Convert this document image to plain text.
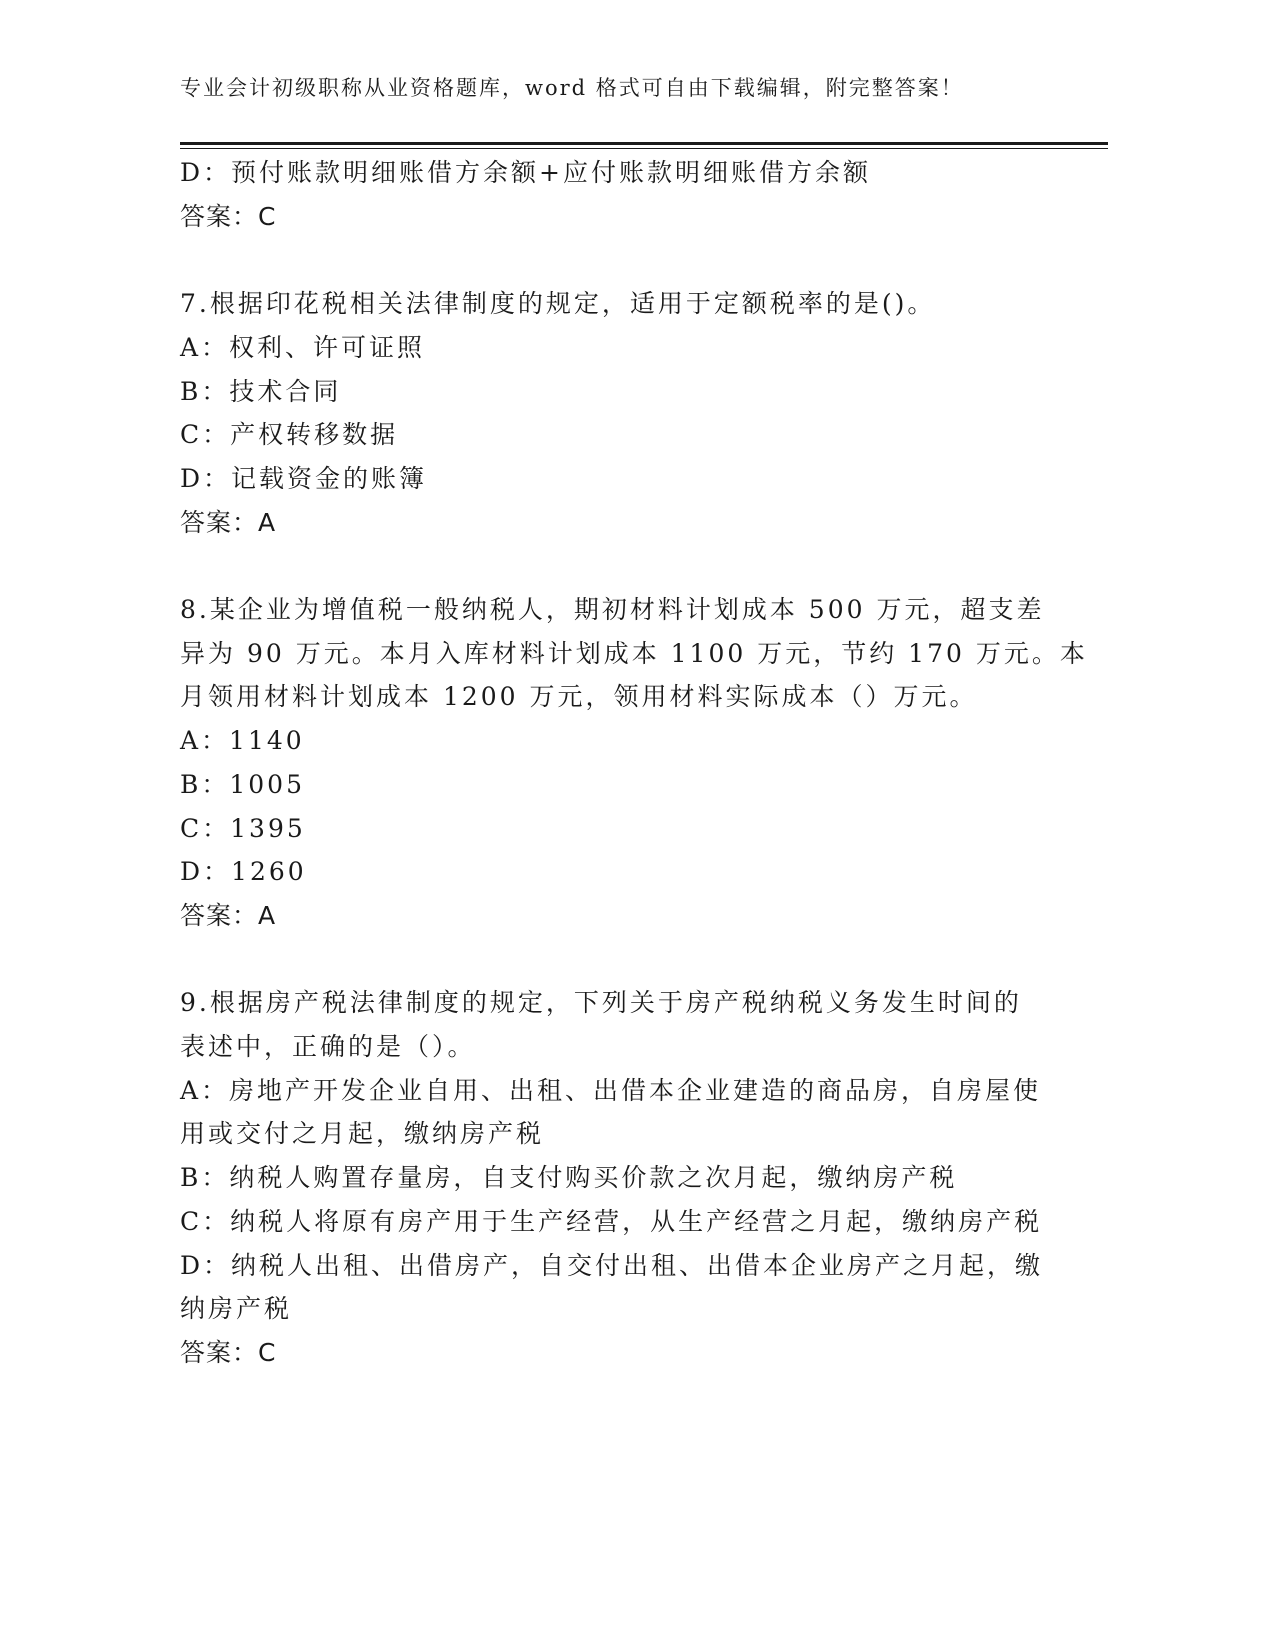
专业会计初级职称从业资格题库，word 格式可自由下载编辑，附完整答案！
D：预付账款明细账借方余额+应付账款明细账借方余额
答案：C
7.根据印花税相关法律制度的规定，适用于定额税率的是()。
A：权利、许可证照
B：技术合同
C：产权转移数据
D：记载资金的账簿
答案：A
8.某企业为增值税一般纳税人，期初材料计划成本 500 万元，超支差
异为 90 万元。本月入库材料计划成本 1100 万元，节约 170 万元。本
月领用材料计划成本 1200 万元，领用材料实际成本（）万元。
A：1140
B：1005
C：1395
D：1260
答案：A
9.根据房产税法律制度的规定，下列关于房产税纳税义务发生时间的
表述中，正确的是（）。
A：房地产开发企业自用、出租、出借本企业建造的商品房，自房屋使
用或交付之月起，缴纳房产税
B：纳税人购置存量房，自支付购买价款之次月起，缴纳房产税
C：纳税人将原有房产用于生产经营，从生产经营之月起，缴纳房产税
D：纳税人出租、出借房产，自交付出租、出借本企业房产之月起，缴
纳房产税
答案：C
